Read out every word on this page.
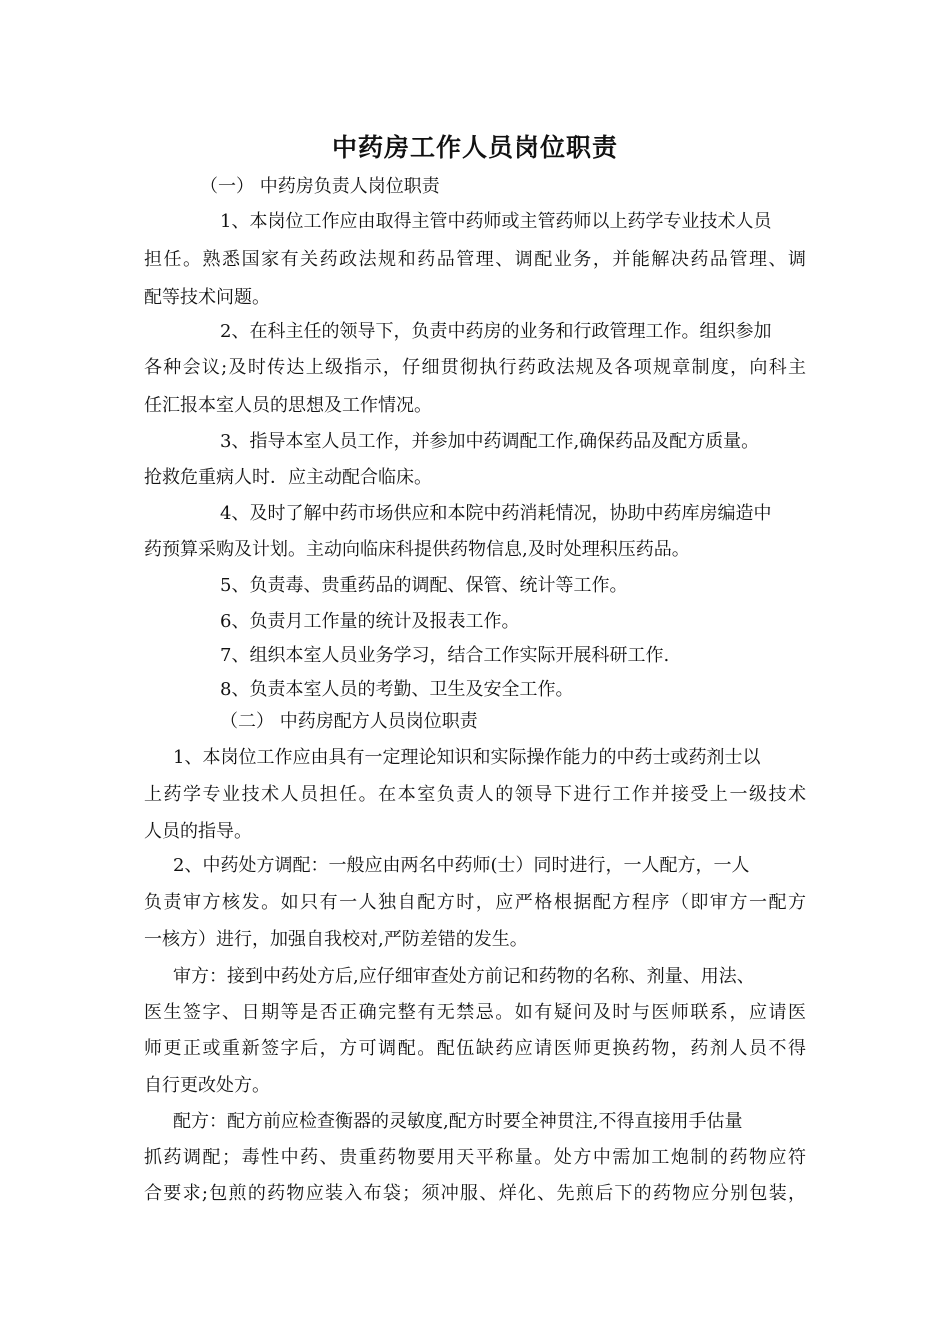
中药房工作人员岗位职责
（一） 中药房负责人岗位职责
1、本岗位工作应由取得主管中药师或主管药师以上药学专业技术人员
担任。熟悉国家有关药政法规和药品管理、调配业务，并能解决药品管理、调
配等技术问题。
2、在科主任的领导下，负责中药房的业务和行政管理工作。组织参加
各种会议;及时传达上级指示，仔细贯彻执行药政法规及各项规章制度，向科主
任汇报本室人员的思想及工作情况。
3、指导本室人员工作，并参加中药调配工作,确保药品及配方质量。
抢救危重病人时．应主动配合临床。
4、及时了解中药市场供应和本院中药消耗情况，协助中药库房编造中
药预算采购及计划。主动向临床科提供药物信息,及时处理积压药品。
5、负责毒、贵重药品的调配、保管、统计等工作。
6、负责月工作量的统计及报表工作。
7、组织本室人员业务学习，结合工作实际开展科研工作.
8、负责本室人员的考勤、卫生及安全工作。
（二） 中药房配方人员岗位职责
1、本岗位工作应由具有一定理论知识和实际操作能力的中药士或药剂士以
上药学专业技术人员担任。在本室负责人的领导下进行工作并接受上一级技术
人员的指导。
2、中药处方调配：一般应由两名中药师(士）同时进行，一人配方，一人
负责审方核发。如只有一人独自配方时，应严格根据配方程序（即审方一配方
一核方）进行，加强自我校对,严防差错的发生。
审方：接到中药处方后,应仔细审查处方前记和药物的名称、剂量、用法、
医生签字、日期等是否正确完整有无禁忌。如有疑问及时与医师联系，应请医
师更正或重新签字后，方可调配。配伍缺药应请医师更换药物，药剂人员不得
自行更改处方。
配方：配方前应检查衡器的灵敏度,配方时要全神贯注,不得直接用手估量
抓药调配；毒性中药、贵重药物要用天平称量。处方中需加工炮制的药物应符
合要求;包煎的药物应装入布袋；须冲服、烊化、先煎后下的药物应分别包装，
